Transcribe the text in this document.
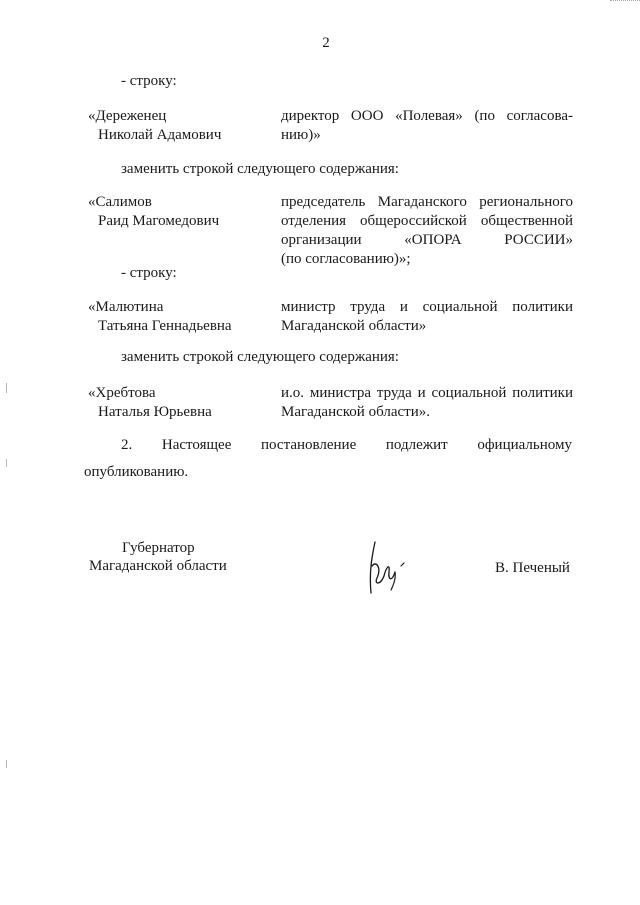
2
- строку:
«Дереженец
Николай Адамович
директор ООО «Полевая» (по согласова-
нию)»
заменить строкой следующего содержания:
«Салимов
Раид Магомедович
председатель Магаданского регионального
отделения общероссийской общественной
организации «ОПОРА РОССИИ»
(по согласованию)»;
- строку:
«Малютина
Татьяна Геннадьевна
министр труда и социальной политики
Магаданской области»
заменить строкой следующего содержания:
«Хребтова
Наталья Юрьевна
и.о. министра труда и социальной политики
Магаданской области».
2. Настоящее постановление подлежит официальному
опубликованию.
Губернатор
Магаданской области	В. Печеный
